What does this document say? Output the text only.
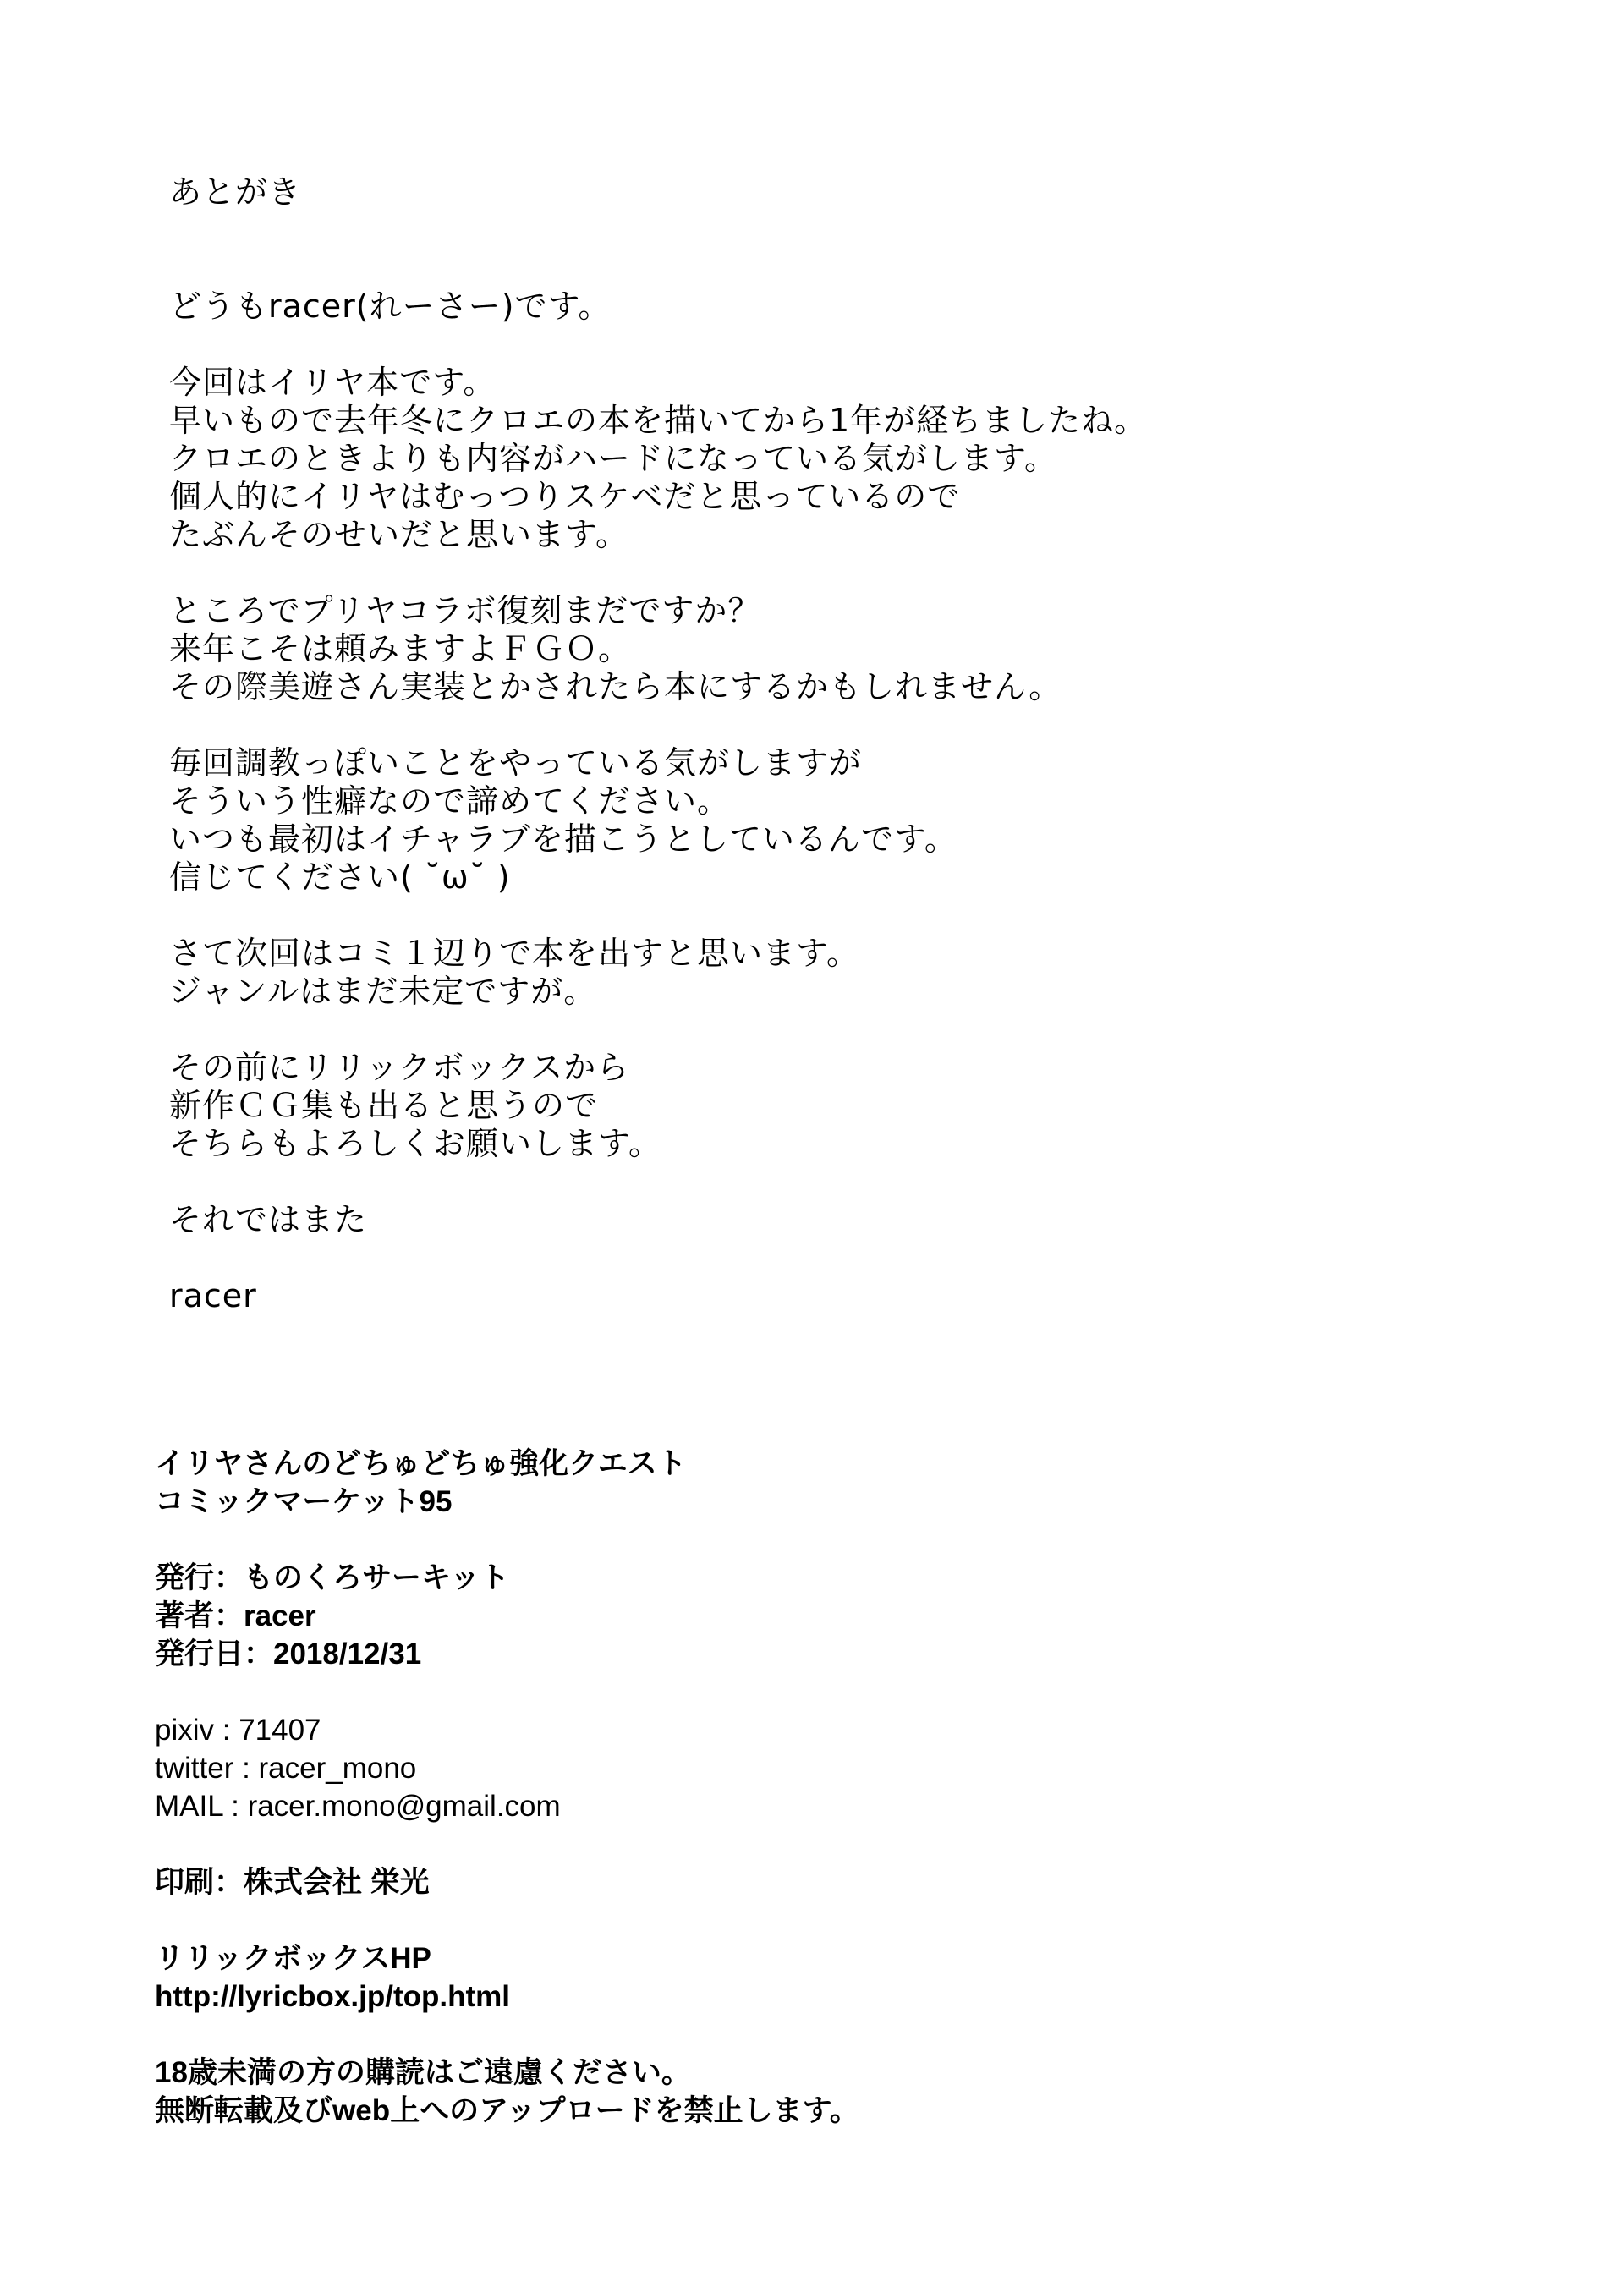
あとがき
どうもracer(れーさー)です。
今回はイリヤ本です。
早いもので去年冬にクロエの本を描いてから1年が経ちましたね。
クロエのときよりも内容がハードになっている気がします。
個人的にイリヤはむっつりスケベだと思っているので
たぶんそのせいだと思います。
ところでプリヤコラボ復刻まだですか？
来年こそは頼みますよＦＧＯ。
その際美遊さん実装とかされたら本にするかもしれません。
毎回調教っぽいことをやっている気がしますが
そういう性癖なので諦めてください。
いつも最初はイチャラブを描こうとしているんです。
信じてください( ˘ω˘ )
さて次回はコミ１辺りで本を出すと思います。
ジャンルはまだ未定ですが。
その前にリリックボックスから
新作ＣＧ集も出ると思うので
そちらもよろしくお願いします。
それではまた
racer
イリヤさんのどちゅどちゅ強化クエスト
コミックマーケット95
発行：ものくろサーキット
著者：racer
発行日：2018/12/31
pixiv : 71407
twitter : racer_mono
MAIL : racer.mono@gmail.com
印刷：株式会社 栄光
リリックボックスHP
http://lyricbox.jp/top.html
18歳未満の方の購読はご遠慮ください。
無断転載及びweb上へのアップロードを禁止します。
